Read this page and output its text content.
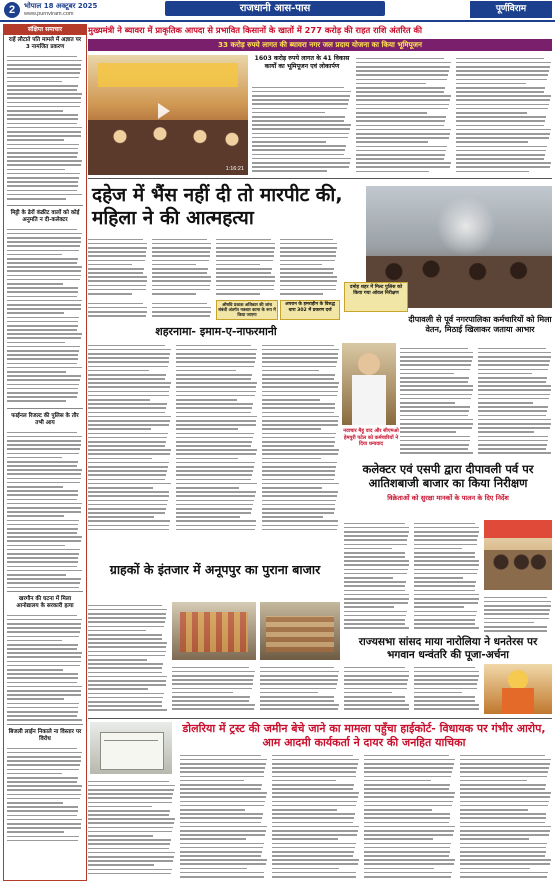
2	भोपाल 18 अक्टूबर 2025
www.purnviram.com	राजधानी आस-पास	पूर्णविराम
संक्षिप्त समाचार
राहें लौटाते पति मामले में अज्ञात पर 3 नामजित प्रकरण
मिट्टी के ढेरों कंक्रीट वालों को कोई अनुमति न दी-कलेक्टर
फाईनल रिजल्ट की पुलिस के तौर तभी आय
खरगौन की घटना में मिला आनोद्यालय के सरकारी हत्या
बिजली लाईन निकाले ना विस्तार पर विरोध
मुख्यमंत्री ने ब्यावरा में प्राकृतिक आपदा से प्रभावित किसानों के खातों में 277 करोड़ की राहत राशि अंतरित की
33 करोड़ रुपये लागत की ब्यावरा नगर जल प्रदाय योजना का किया भूमिपूजन
1:16:21
1603 करोड़ रुपये लागत के 41 विकास कार्यों का भूमिपूजन एवं लोकार्पण
दहेज में भैंस नहीं दी तो मारपीट की, महिला ने की आत्महत्या
अपरान के हमराहीन के विरुद्ध धारा 302 में प्रकरण दर्ज
औषधि प्रकाश अधिकार की जांच संबंधी अंतर्गत नक्शार कामा के रूप में किया जाएगा
दीपावली से पूर्व नगरपालिका कर्मचारियों को मिला वेतन, मिठाई खिलाकर जताया आभार
नवाचार मैहू वाद और सीएमओ हेमपुरी पटेल को कर्मचारियों ने दिया धन्यवाद
शहरनामा- इमाम-ए-नाफरमानी
कलेक्टर एवं एसपी द्वारा दीपावली पर्व पर आतिशबाजी बाजार का किया निरीक्षण
विक्रेताओं को सुरक्षा मानकों के पालन के दिए निर्देश
दमोह शहर में मिल्ट पुलिस को किया गया ओवल निरीक्षण
ग्राहकों के इंतजार में अनूपपुर का पुराना बाजार
राज्यसभा सांसद माया नारोलिया ने धनतेरस पर भगवान धन्वंतरि की पूजा-अर्चना
डोलरिया में ट्रस्ट की जमीन बेचे जाने का मामला पहुँचा हाईकोर्ट- विधायक पर गंभीर आरोप, आम आदमी कार्यकर्ता ने दायर की जनहित याचिका
